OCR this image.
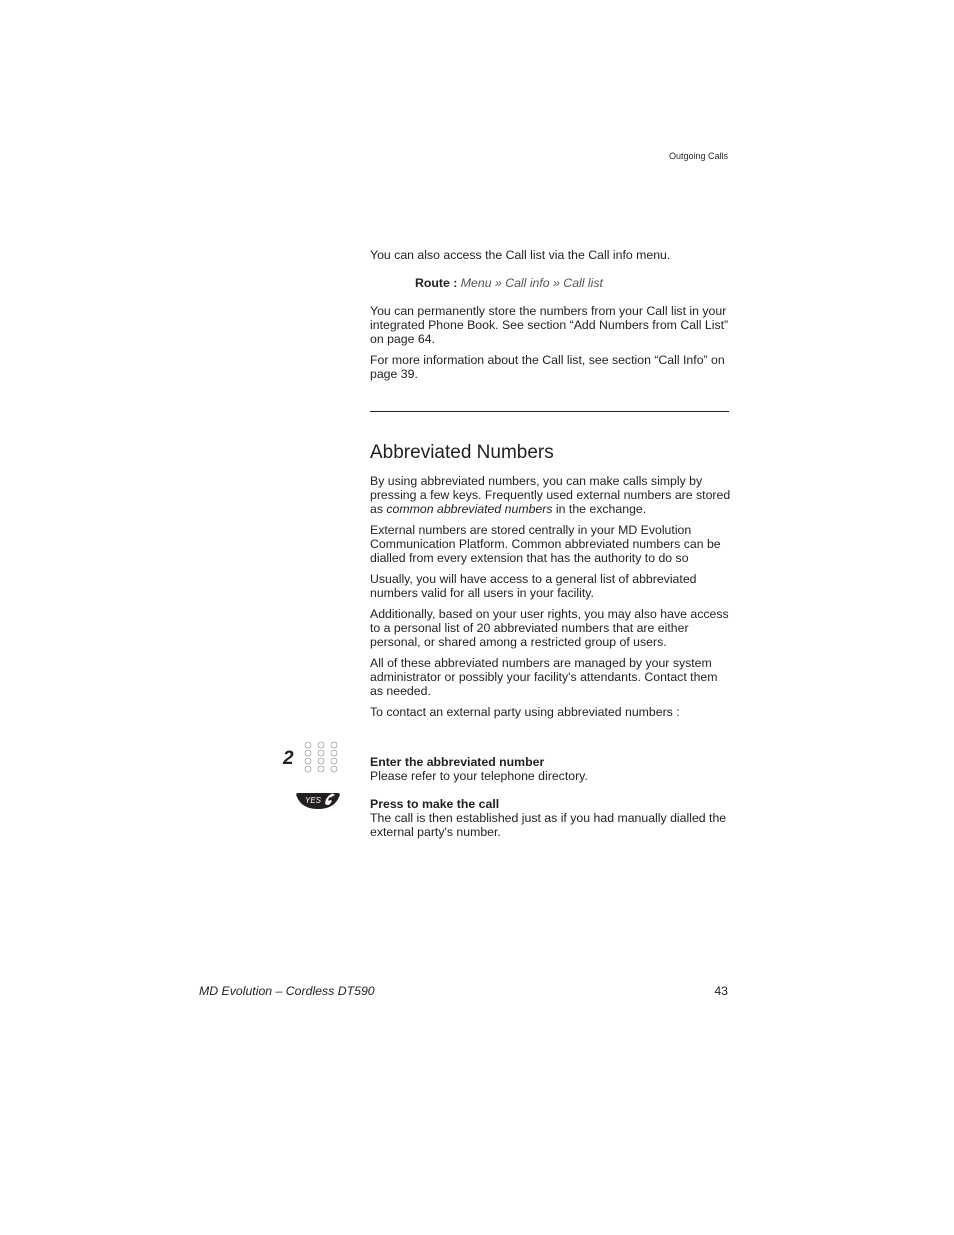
Outgoing Calls

You can also access the Call list via the Call info menu.

Route : Menu » Call info » Call list

You can permanently store the numbers from your Call list in your integrated Phone Book. See section “Add Numbers from Call List” on page 64.

For more information about the Call list, see section “Call Info” on page 39.

Abbreviated Numbers

By using abbreviated numbers, you can make calls simply by pressing a few keys. Frequently used external numbers are stored as common abbreviated numbers in the exchange.

External numbers are stored centrally in your MD Evolution Communication Platform. Common abbreviated numbers can be dialled from every extension that has the authority to do so

Usually, you will have access to a general list of abbreviated numbers valid for all users in your facility.

Additionally, based on your user rights, you may also have access to a personal list of 20 abbreviated numbers that are either personal, or shared among a restricted group of users.

All of these abbreviated numbers are managed by your system administrator or possibly your facility's attendants. Contact them as needed.

To contact an external party using abbreviated numbers :

2	Enter the abbreviated number
Please refer to your telephone directory.
YES	Press to make the call
The call is then established just as if you had manually dialled the external party's number.
MD Evolution – Cordless DT590	43
